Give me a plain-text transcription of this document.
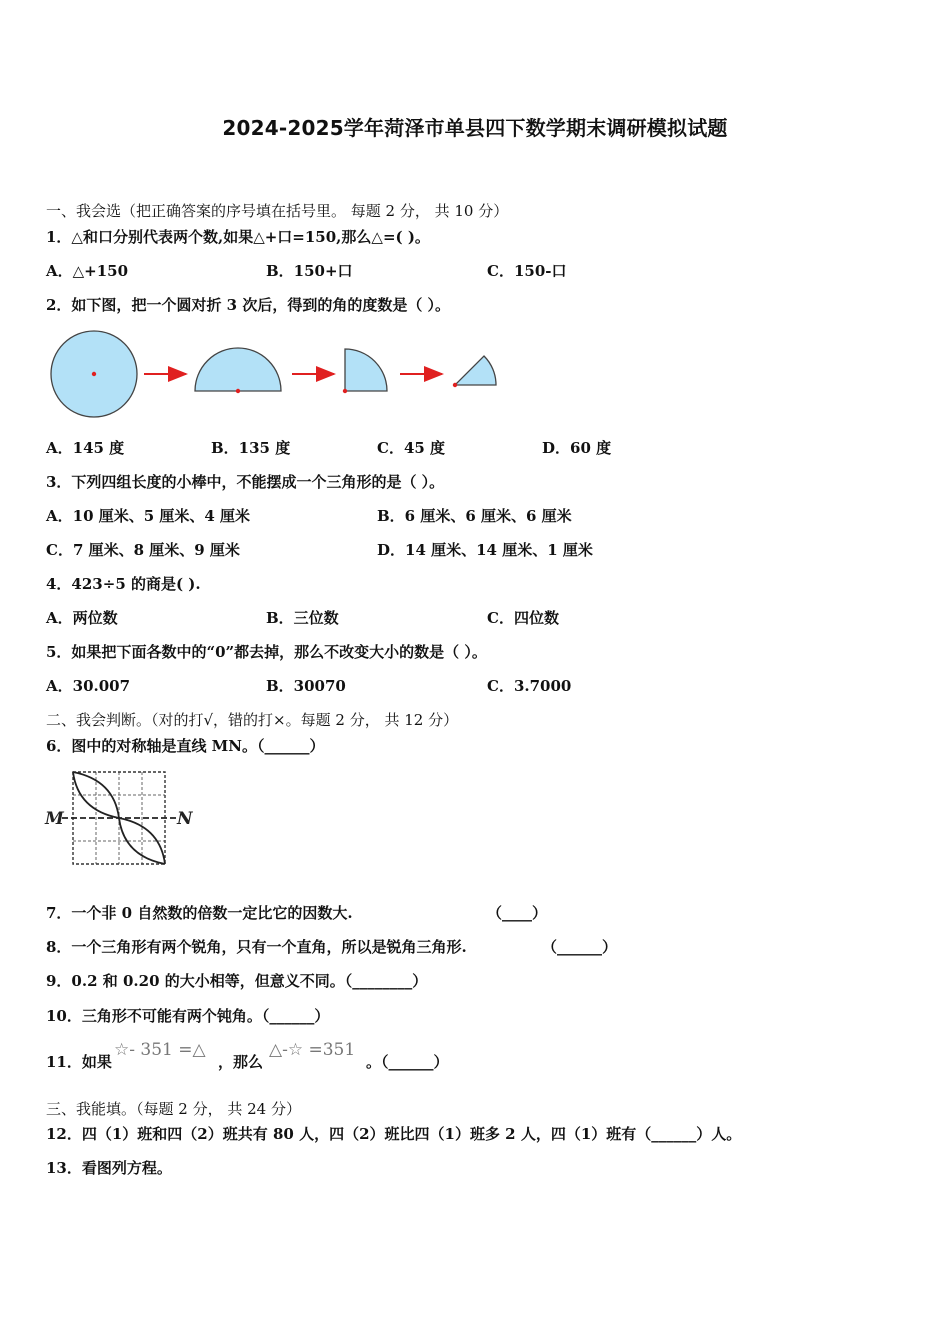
2024-2025学年菏泽市单县四下数学期末调研模拟试题
一、我会选（把正确答案的序号填在括号里。 每题 2 分， 共 10 分）
1．△和口分别代表两个数,如果△+口=150,那么△=( )。
A．△+150	B．150+口	C．150-口
2．如下图，把一个圆对折 3 次后，得到的角的度数是（ ）。
A．145 度	B．135 度	C．45 度	D．60 度
3．下列四组长度的小棒中，不能摆成一个三角形的是（ ）。
A．10 厘米、5 厘米、4 厘米	B．6 厘米、6 厘米、6 厘米
C．7 厘米、8 厘米、9 厘米	D．14 厘米、14 厘米、1 厘米
4．423÷5 的商是( ).
A．两位数	B．三位数	C．四位数
5．如果把下面各数中的“0”都去掉，那么不改变大小的数是（ ）。
A．30.007	B．30070	C．3.7000
二、我会判断。（对的打√，错的打×。每题 2 分， 共 12 分）
6．图中的对称轴是直线 MN。（______）
M	N
7．一个非 0 自然数的倍数一定比它的因数大.	（____）
8．一个三角形有两个锐角，只有一个直角，所以是锐角三角形.	（______）
9．0.2 和 0.20 的大小相等，但意义不同。（________）
10．三角形不可能有两个钝角。（______）
11．如果
☆- 351 =△
，那么
△-☆ =351
。（______）
三、我能填。（每题 2 分， 共 24 分）
12．四（1）班和四（2）班共有 80 人，四（2）班比四（1）班多 2 人，四（1）班有（______）人。
13．看图列方程。
